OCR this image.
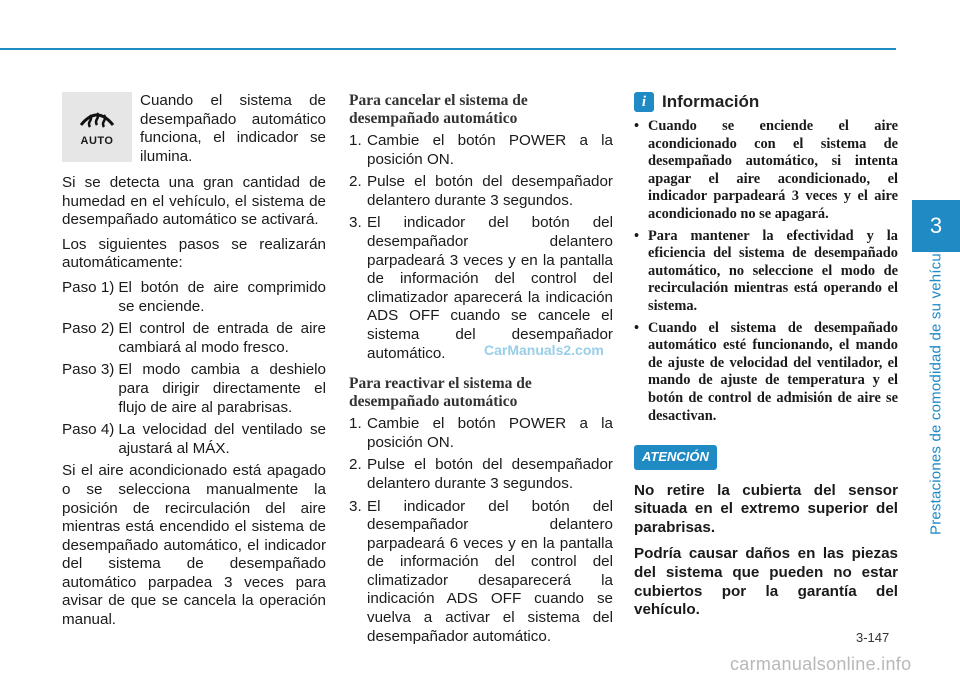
3
Prestaciones de comodidad de su vehículo
AUTO

Cuando el sistema de desempañado automático funciona, el indicador se ilumina.

Si se detecta una gran cantidad de humedad en el vehículo, el sistema de desempañado automático se activará.

Los siguientes pasos se realizarán automáticamente:

Paso 1) El botón de aire comprimido se enciende.
Paso 2) El control de entrada de aire cambiará al modo fresco.
Paso 3) El modo cambia a deshielo para dirigir directamente el flujo de aire al parabrisas.
Paso 4) La velocidad del ventilado se ajustará al MÁX.

Si el aire acondicionado está apagado o se selecciona manualmente la posición de recirculación del aire mientras está encendido el sistema de desempañado automático, el indicador del sistema de desempañado automático parpadea 3 veces para avisar de que se cancela la operación manual.

Para cancelar el sistema de desempañado automático
1. Cambie el botón POWER a la posición ON.
2. Pulse el botón del desempañador delantero durante 3 segundos.
3. El indicador del botón del desempañador delantero parpadeará 3 veces y en la pantalla de información del control del climatizador aparecerá la indicación ADS OFF cuando se cancele el sistema del desempañador automático.
Para reactivar el sistema de desempañado automático
1. Cambie el botón POWER a la posición ON.
2. Pulse el botón del desempañador delantero durante 3 segundos.
3. El indicador del botón del desempañador delantero parpadeará 6 veces y en la pantalla de información del control del climatizador desaparecerá la indicación ADS OFF cuando se vuelva a activar el sistema del desempañador automático.
i Información
• Cuando se enciende el aire acondicionado con el sistema de desempañado automático, si intenta apagar el aire acondicionado, el indicador parpadeará 3 veces y el aire acondicionado no se apagará.
• Para mantener la efectividad y la eficiencia del sistema de desempañado automático, no seleccione el modo de recirculación mientras está operando el sistema.
• Cuando el sistema de desempañado automático esté funcionando, el mando de ajuste de velocidad del ventilador, el mando de ajuste de temperatura y el botón de control de admisión de aire se desactivan.
ATENCIÓN

No retire la cubierta del sensor situada en el extremo superior del parabrisas.

Podría causar daños en las piezas del sistema que pueden no estar cubiertos por la garantía del vehículo.

CarManuals2.com
3-147
carmanualsonline.info
